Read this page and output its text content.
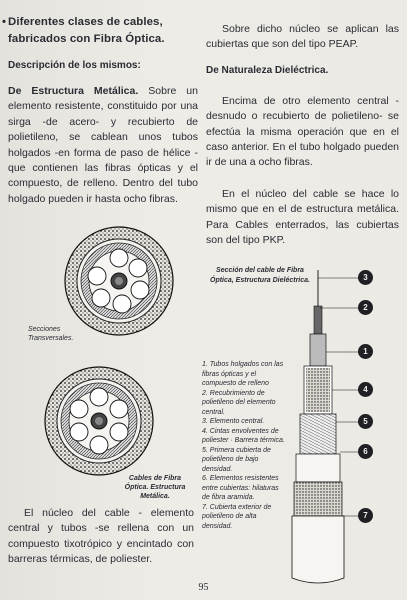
• Diferentes clases de cables, fabricados con Fibra Óptica.

Descripción de los mismos:

De Estructura Metálica. Sobre un elemento resistente, constituido por una sirga -de acero- y recubierto de polietileno, se cablean unos tubos holgados -en forma de paso de hélice -que contienen las fibras ópticas y el compuesto, de relleno. Dentro del tubo holgado pueden ir hasta ocho fibras.

Secciones Transversales.
Cables de Fibra Óptica. Estructura Metálica.

El núcleo del cable - elemento central y tubos -se rellena con un compuesto tixotrópico y encintado con barreras térmicas, de poliester.

Sobre dicho núcleo se aplican las cubiertas que son del tipo PEAP.

De Naturaleza Dieléctrica.

Encima de otro elemento central -desnudo o recubierto de polietileno- se efectúa la misma operación que en el caso anterior. En el tubo holgado pueden ir de una a ocho fibras.

En el núcleo del cable se hace lo mismo que en el de estructura metálica. Para Cables enterrados, las cubiertas son del tipo PKP.

Sección del cable de Fibra Óptica, Estructura Dieléctrica.	3
2
1
4
5
6
7
1. Tubos holgados con las fibras ópticas y el compuesto de relleno
2. Recubrimiento de polietileno del elemento central.
3. Elemento central.
4. Cintas envolventes de poliester · Barrera térmica.
5. Primera cubierta de polietileno de bajo densidad.
6. Elementos resistentes entre cubiertas: hilaturas de fibra aramida.
7. Cubierta exterior de polietileno de alta densidad.
95
